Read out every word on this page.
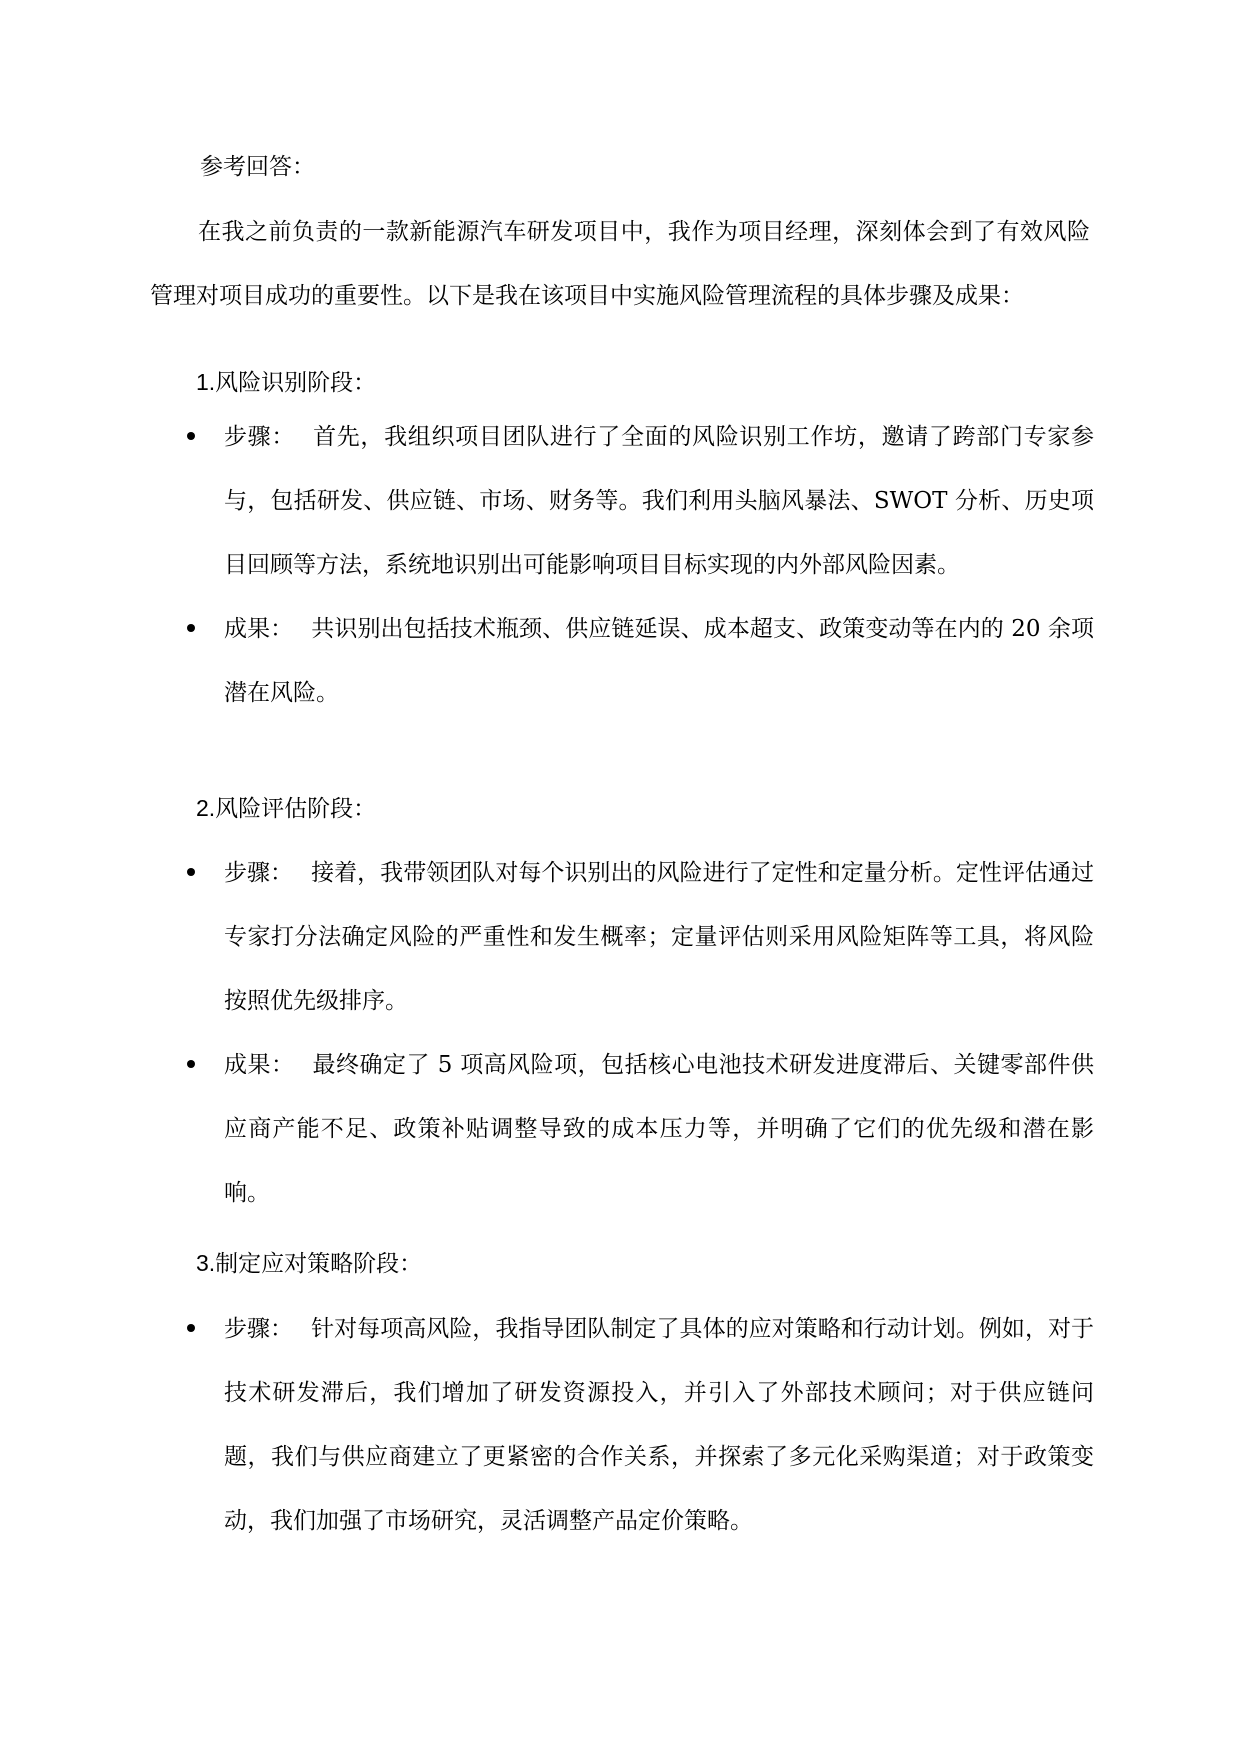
参考回答：

在我之前负责的一款新能源汽车研发项目中，我作为项目经理，深刻体会到了有效风险管理对项目成功的重要性。以下是我在该项目中实施风险管理流程的具体步骤及成果：

1.风险识别阶段：
步骤： 首先，我组织项目团队进行了全面的风险识别工作坊，邀请了跨部门专家参与，包括研发、供应链、市场、财务等。我们利用头脑风暴法、SWOT 分析、历史项目回顾等方法，系统地识别出可能影响项目目标实现的内外部风险因素。
成果： 共识别出包括技术瓶颈、供应链延误、成本超支、政策变动等在内的 20 余项潜在风险。
2.风险评估阶段：
步骤： 接着，我带领团队对每个识别出的风险进行了定性和定量分析。定性评估通过专家打分法确定风险的严重性和发生概率；定量评估则采用风险矩阵等工具，将风险按照优先级排序。
成果： 最终确定了 5 项高风险项，包括核心电池技术研发进度滞后、关键零部件供应商产能不足、政策补贴调整导致的成本压力等，并明确了它们的优先级和潜在影响。
3.制定应对策略阶段：
步骤： 针对每项高风险，我指导团队制定了具体的应对策略和行动计划。例如，对于技术研发滞后，我们增加了研发资源投入，并引入了外部技术顾问；对于供应链问题，我们与供应商建立了更紧密的合作关系，并探索了多元化采购渠道；对于政策变动，我们加强了市场研究，灵活调整产品定价策略。
